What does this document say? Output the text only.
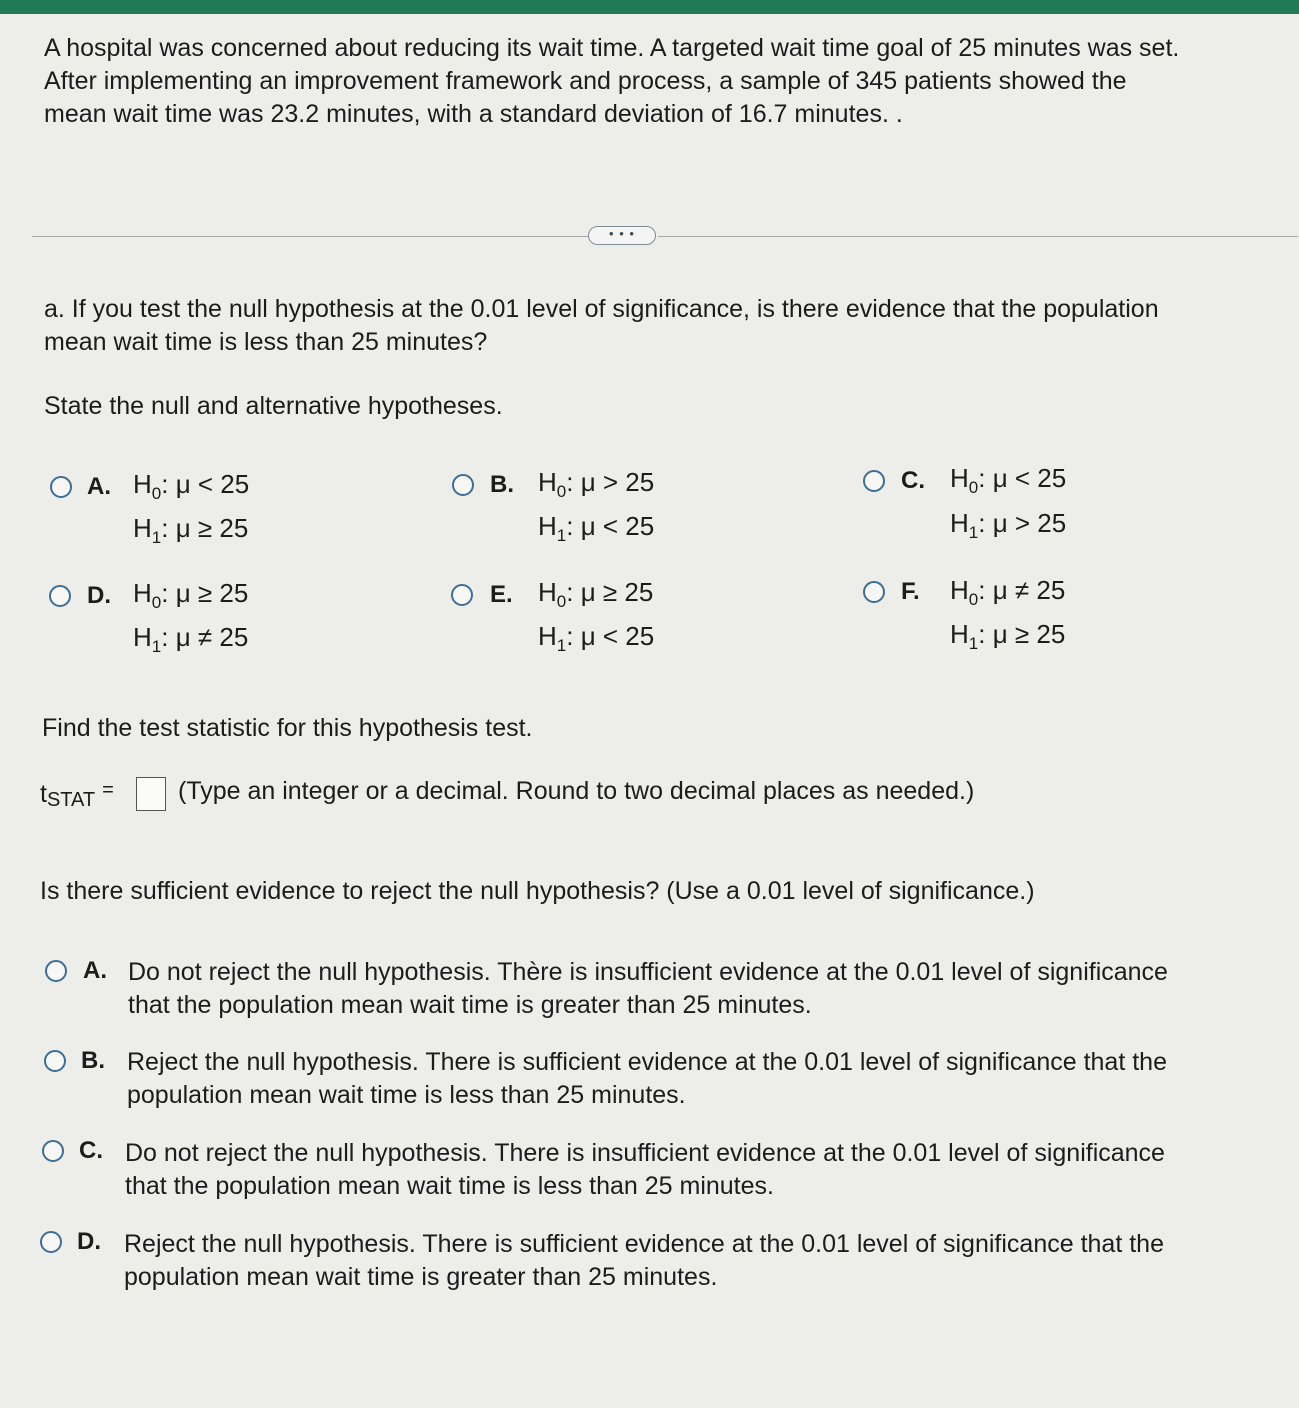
A hospital was concerned about reducing its wait time. A targeted wait time goal of 25 minutes was set.

After implementing an improvement framework and process, a sample of 345 patients showed the

mean wait time was 23.2 minutes, with a standard deviation of 16.7 minutes. .

• • •
a. If you test the null hypothesis at the 0.01 level of significance, is there evidence that the population
mean wait time is less than 25 minutes?
State the null and alternative hypotheses.
A. $H_0$: μ < 25
$H_1$: μ ≥ 25
B. $H_0$: μ > 25
$H_1$: μ < 25
C. $H_0$: μ < 25
$H_1$: μ > 25
D. $H_0$: μ ≥ 25
$H_1$: μ ≠ 25
E. $H_0$: μ ≥ 25
$H_1$: μ < 25
F. $H_0$: μ ≠ 25
$H_1$: μ ≥ 25
Find the test statistic for this hypothesis test.
tSTAT =	(Type an integer or a decimal. Round to two decimal places as needed.)
Is there sufficient evidence to reject the null hypothesis? (Use a 0.01 level of significance.)
A. Do not reject the null hypothesis. Thère is insufficient evidence at the 0.01 level of significance
that the population mean wait time is greater than 25 minutes.
B. Reject the null hypothesis. There is sufficient evidence at the 0.01 level of significance that the
population mean wait time is less than 25 minutes.
C. Do not reject the null hypothesis. There is insufficient evidence at the 0.01 level of significance
that the population mean wait time is less than 25 minutes.
D. Reject the null hypothesis. There is sufficient evidence at the 0.01 level of significance that the
population mean wait time is greater than 25 minutes.
